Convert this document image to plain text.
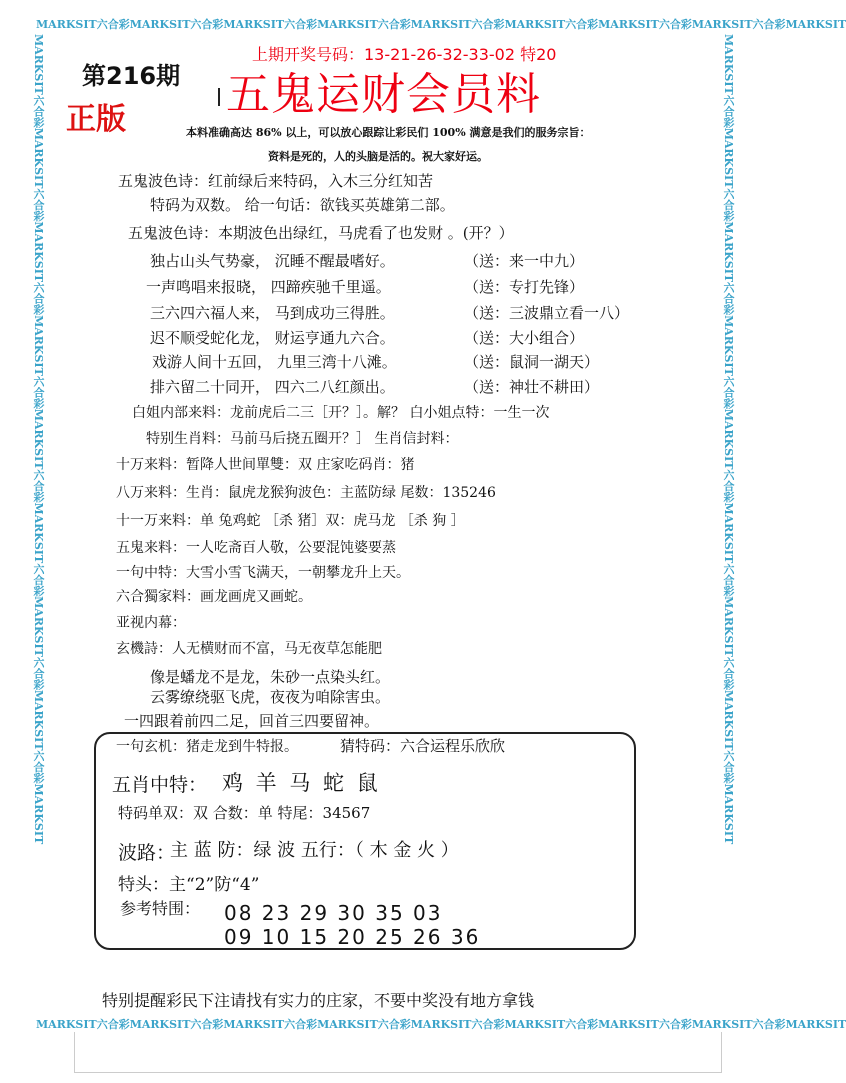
MARKSIT六合彩MARKSIT六合彩MARKSIT六合彩MARKSIT六合彩MARKSIT六合彩MARKSIT六合彩MARKSIT六合彩MARKSIT六合彩MARKSIT
MARKSIT六合彩MARKSIT六合彩MARKSIT六合彩MARKSIT六合彩MARKSIT六合彩MARKSIT六合彩MARKSIT六合彩MARKSIT六合彩MARKSIT
MARKSIT六合彩MARKSIT六合彩MARKSIT六合彩MARKSIT六合彩MARKSIT六合彩MARKSIT六合彩MARKSIT六合彩MARKSIT六合彩MARKSIT	MARKSIT六合彩MARKSIT六合彩MARKSIT六合彩MARKSIT六合彩MARKSIT六合彩MARKSIT六合彩MARKSIT六合彩MARKSIT六合彩MARKSIT
第216期
正版
上期开奖号码：13-21-26-32-33-02 特20
五鬼运财会员料
本料准确高达 86% 以上，可以放心跟踪让彩民们 100% 满意是我们的服务宗旨：
资料是死的，人的头脑是活的。祝大家好运。
五鬼波色诗：红前绿后来特码，入木三分红知苦
特码为双数。 给一句话：欲钱买英雄第二部。
五鬼波色诗：本期波色出绿红，马虎看了也发财 。(开？）
独占山头气势豪， 沉睡不醒最嗜好。	（送：来一中九）
一声鸣唱来报晓， 四蹄疾驰千里遥。	（送：专打先锋）
三六四六福人来， 马到成功三得胜。	（送：三波鼎立看一八）
迟不顺受蛇化龙， 财运亨通九六合。	（送：大小组合）
戏游人间十五回， 九里三湾十八滩。	（送：鼠洞一湖天）
排六留二十同开， 四六二八红颜出。	（送：神壮不耕田）
白姐内部来料：龙前虎后二三［开？］。解？ 白小姐点特：一生一次
特别生肖料：马前马后挠五圈开？］ 生肖信封料：
十万来料：暂降人世间單雙：双 庄家吃码肖：猪
八万来料：生肖：鼠虎龙猴狗波色：主蓝防绿 尾数：135246
十一万来料：单 兔鸡蛇 ［杀 猪］双：虎马龙 ［杀 狗 ］
五鬼来料：一人吃斋百人敬，公要混饨婆要蒸
一句中特：大雪小雪飞满天，一朝攀龙升上天。
六合獨家料：画龙画虎又画蛇。
亚视内幕：
玄機詩：人无横财而不富，马无夜草怎能肥
像是蟠龙不是龙，朱砂一点染头红。
云雾缭绕驱飞虎，夜夜为咱除害虫。
一四跟着前四二足，回首三四要留神。
一句玄机：猪走龙到牛特报。	猜特码：六合运程乐欣欣
五肖中特： 鸡 羊 马 蛇 鼠
特码单双：双 合数：单 特尾：34567
波路：
主 蓝 防：绿 波 五行：（ 木 金 火 ）
特头：主“2”防“4”
参考特围： 08 23 29 30 35 03
09 10 15 20 25 26 36
特别提醒彩民下注请找有实力的庄家，不要中奖没有地方拿钱
